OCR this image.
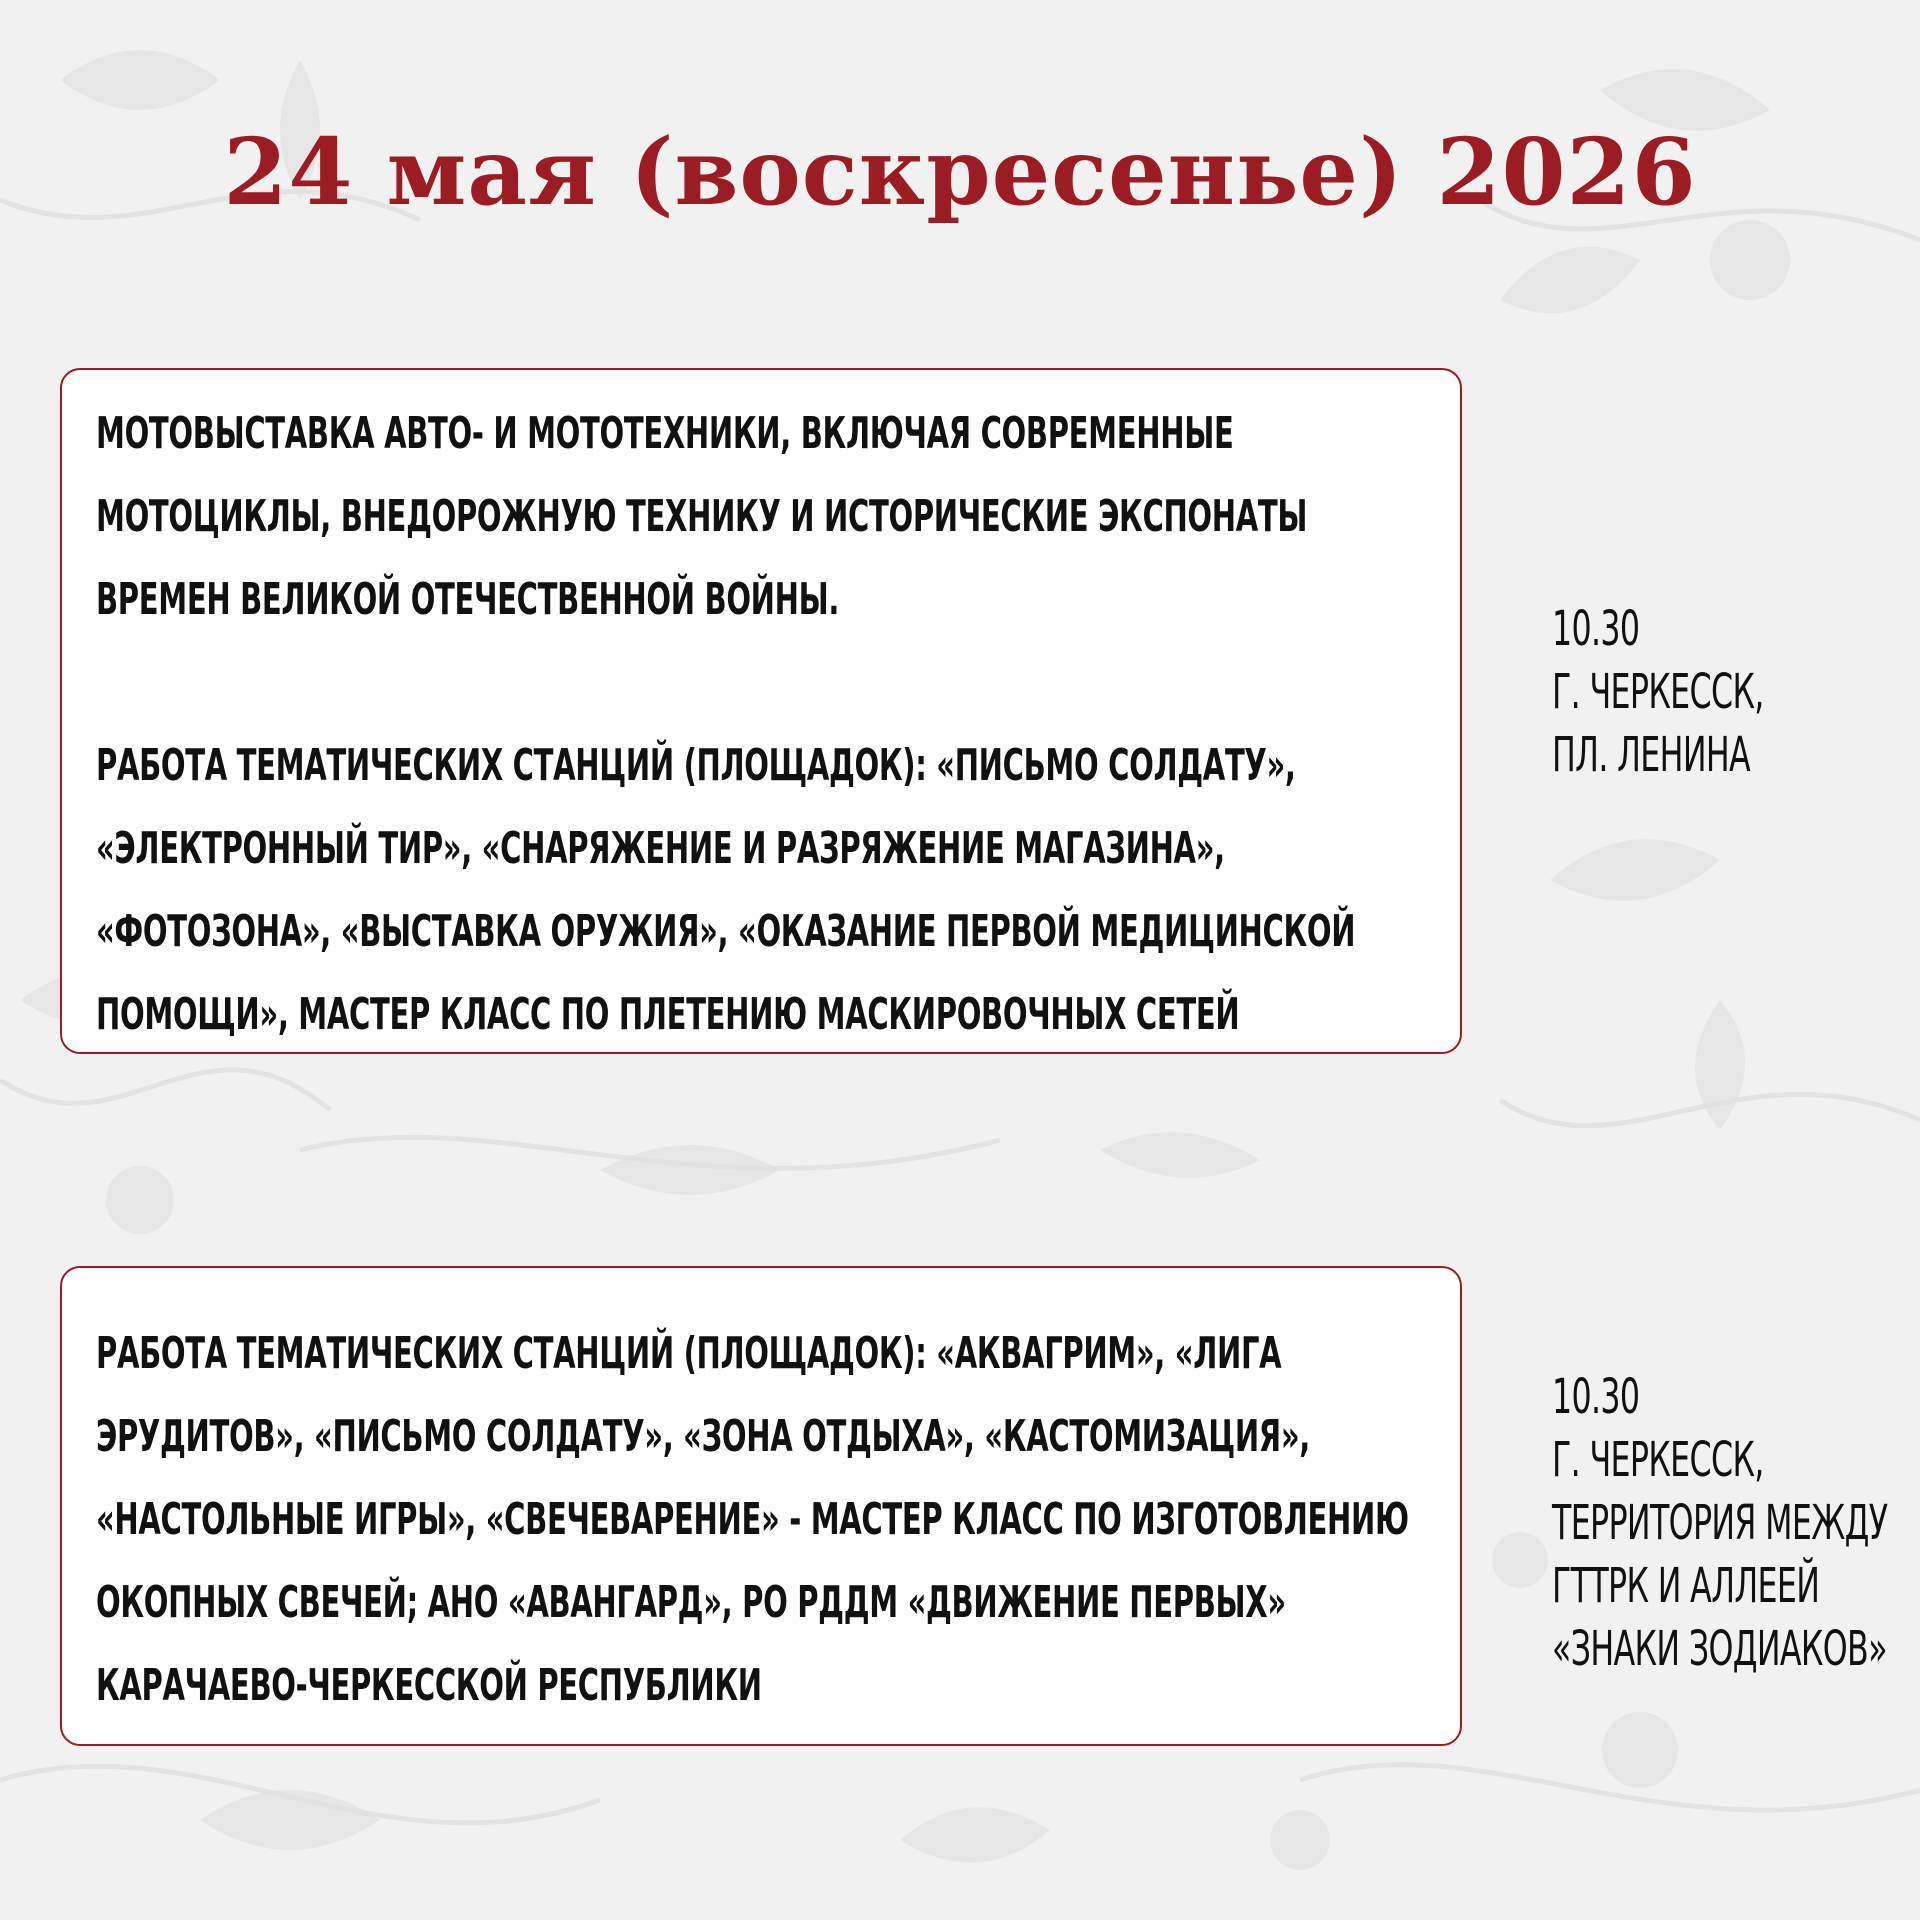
24 мая (воскресенье) 2026

МОТОВЫСТАВКА АВТО- И МОТОТЕХНИКИ, ВКЛЮЧАЯ СОВРЕМЕННЫЕ МОТОЦИКЛЫ, ВНЕДОРОЖНУЮ ТЕХНИКУ И ИСТОРИЧЕСКИЕ ЭКСПОНАТЫ ВРЕМЕН ВЕЛИКОЙ ОТЕЧЕСТВЕННОЙ ВОЙНЫ.

РАБОТА ТЕМАТИЧЕСКИХ СТАНЦИЙ (ПЛОЩАДОК): «ПИСЬМО СОЛДАТУ», «ЭЛЕКТРОННЫЙ ТИР», «СНАРЯЖЕНИЕ И РАЗРЯЖЕНИЕ МАГАЗИНА», «ФОТОЗОНА», «ВЫСТАВКА ОРУЖИЯ», «ОКАЗАНИЕ ПЕРВОЙ МЕДИЦИНСКОЙ ПОМОЩИ», МАСТЕР КЛАСС ПО ПЛЕТЕНИЮ МАСКИРОВОЧНЫХ СЕТЕЙ

10.30
Г. ЧЕРКЕССК,
ПЛ. ЛЕНИНА

РАБОТА ТЕМАТИЧЕСКИХ СТАНЦИЙ (ПЛОЩАДОК): «АКВАГРИМ», «ЛИГА ЭРУДИТОВ», «ПИСЬМО СОЛДАТУ», «ЗОНА ОТДЫХА», «КАСТОМИЗАЦИЯ», «НАСТОЛЬНЫЕ ИГРЫ», «СВЕЧЕВАРЕНИЕ» - МАСТЕР КЛАСС ПО ИЗГОТОВЛЕНИЮ ОКОПНЫХ СВЕЧЕЙ; АНО «АВАНГАРД», РО РДДМ «ДВИЖЕНИЕ ПЕРВЫХ» КАРАЧАЕВО-ЧЕРКЕССКОЙ РЕСПУБЛИКИ

10.30
Г. ЧЕРКЕССК,
ТЕРРИТОРИЯ МЕЖДУ
ГТТРК И АЛЛЕЕЙ
«ЗНАКИ ЗОДИАКОВ»
